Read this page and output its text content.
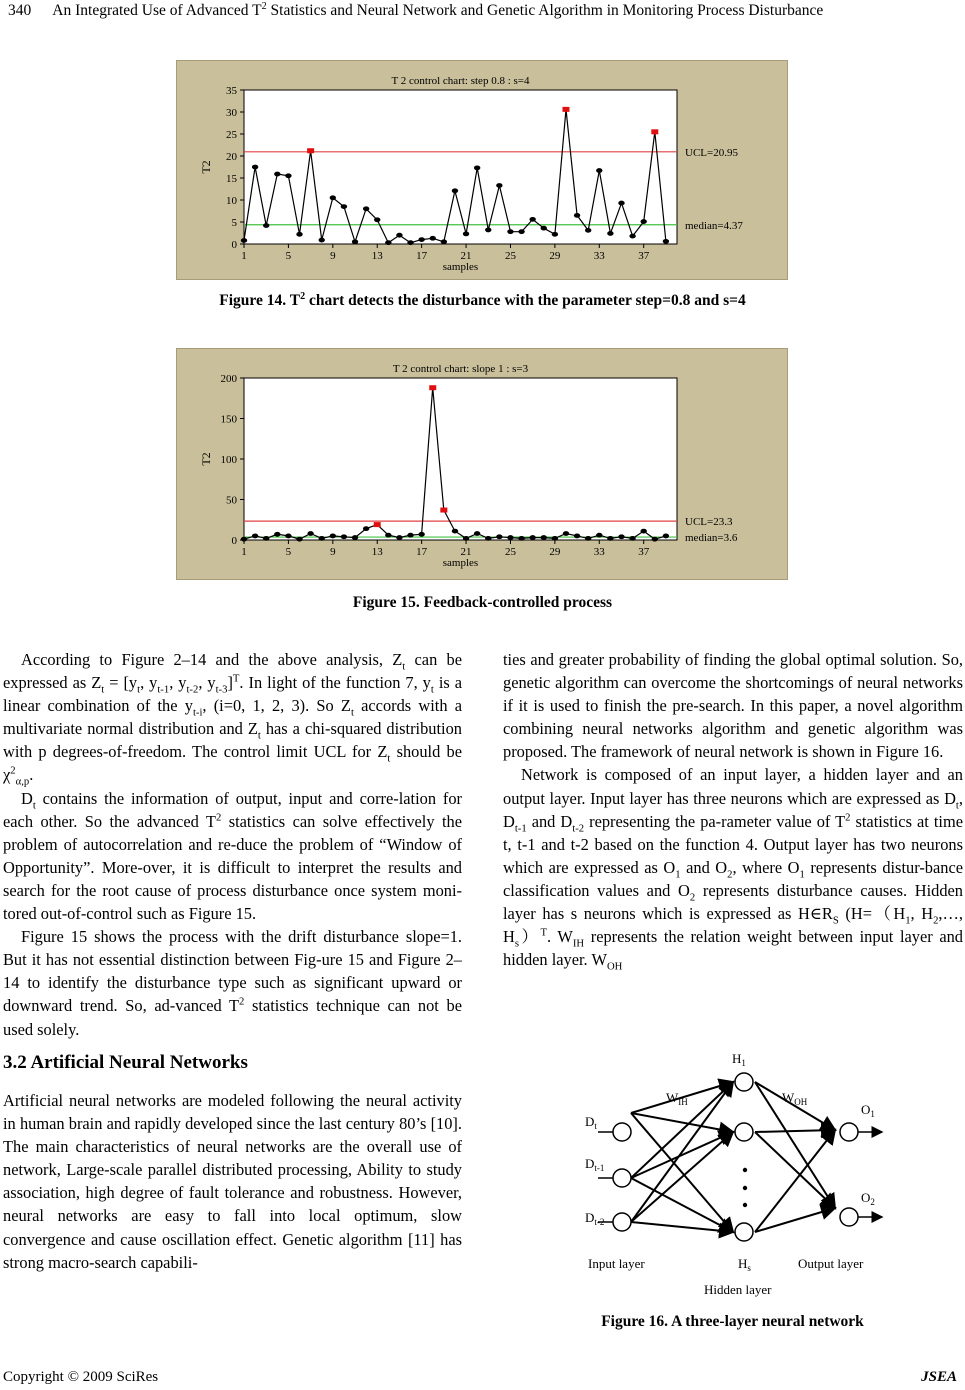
340 An Integrated Use of Advanced $T^2$ Statistics and Neural Network and Genetic Algorithm in Monitoring Process Disturbance
T 2 control chart: step 0.8 : s=4
0
5
10
15
20
25
30
35
1	5	9	13	17	21	25	29	33	37
T2
samples
UCL=20.95
median=4.37
Figure 14. $T^2$ chart detects the disturbance with the parameter step=0.8 and s=4
T 2 control chart: slope 1 : s=3
0
50
100
150
200
1	5	9	13	17	21	25	29	33	37
T2
samples
UCL=23.3
median=3.6
Figure 15. Feedback-controlled process

According to Figure 2–14 and the above analysis, $Z_t$ can be expressed as $Z_t = [y_t$, $y_{t-1}$, $y_{t-2}$, $y_{t-3}]^T$. In light of the function 7, $y_t$ is a linear combination of the $y_{t-i}$, (i=0, 1, 2, 3). So $Z_t$ accords with a multivariate normal distribution and $Z_t$ has a chi-squared distribution with p degrees-of-freedom. The control limit UCL for $Z_t$ should be $\chi^2_{\alpha,p}$.

$D_t$ contains the information of output, input and corre-lation for each other. So the advanced $T^2$ statistics can solve effectively the problem of autocorrelation and re-duce the problem of “Window of Opportunity”. More-over, it is difficult to interpret the results and search for the root cause of process disturbance once system moni-tored out-of-control such as Figure 15.

Figure 15 shows the process with the drift disturbance slope=1. But it has not essential distinction between Fig-ure 15 and Figure 2–14 to identify the disturbance type such as significant upward or downward trend. So, ad-vanced $T^2$ statistics technique can not be used solely.

3.2 Artificial Neural Networks

Artificial neural networks are modeled following the neural activity in human brain and rapidly developed since the last century 80’s [10]. The main characteristics of neural networks are the overall use of network, Large-scale parallel distributed processing, Ability to study association, high degree of fault tolerance and robustness. However, neural networks are easy to fall into local optimum, slow convergence and cause oscillation effect. Genetic algorithm [11] has strong macro-search capabili-

ties and greater probability of finding the global optimal solution. So, genetic algorithm can overcome the shortcomings of neural networks if it is used to finish the pre-search. In this paper, a novel algorithm combining neural networks algorithm and genetic algorithm was proposed. The framework of neural network is shown in Figure 16.

Network is composed of an input layer, a hidden layer and an output layer. Input layer has three neurons which are expressed as $D_t$, $D_{t-1}$ and $D_{t-2}$ representing the pa-rameter value of $T^2$ statistics at time t, t-1 and t-2 based on the function 4. Output layer has two neurons which are expressed as $O_1$ and $O_2$, where $O_1$ represents distur-bance classification values and $O_2$ represents disturbance causes. Hidden layer has s neurons which is expressed as $H\in R_S$ ($H=(H_1$, $H_2,\dots$, $H_s)^T$. $W_{IH}$ represents the relation weight between input layer and hidden layer. $W_{OH}$

$D_t$
$D_{t-1}$
$D_{t-2}$
$W_{IH}$	$W_{OH}$
$H_1$
$H_s$
$O_1$
$O_2$
Input layer	Output layer
Hidden layer
Figure 16. A three-layer neural network
Copyright © 2009 SciRes	JSEA
